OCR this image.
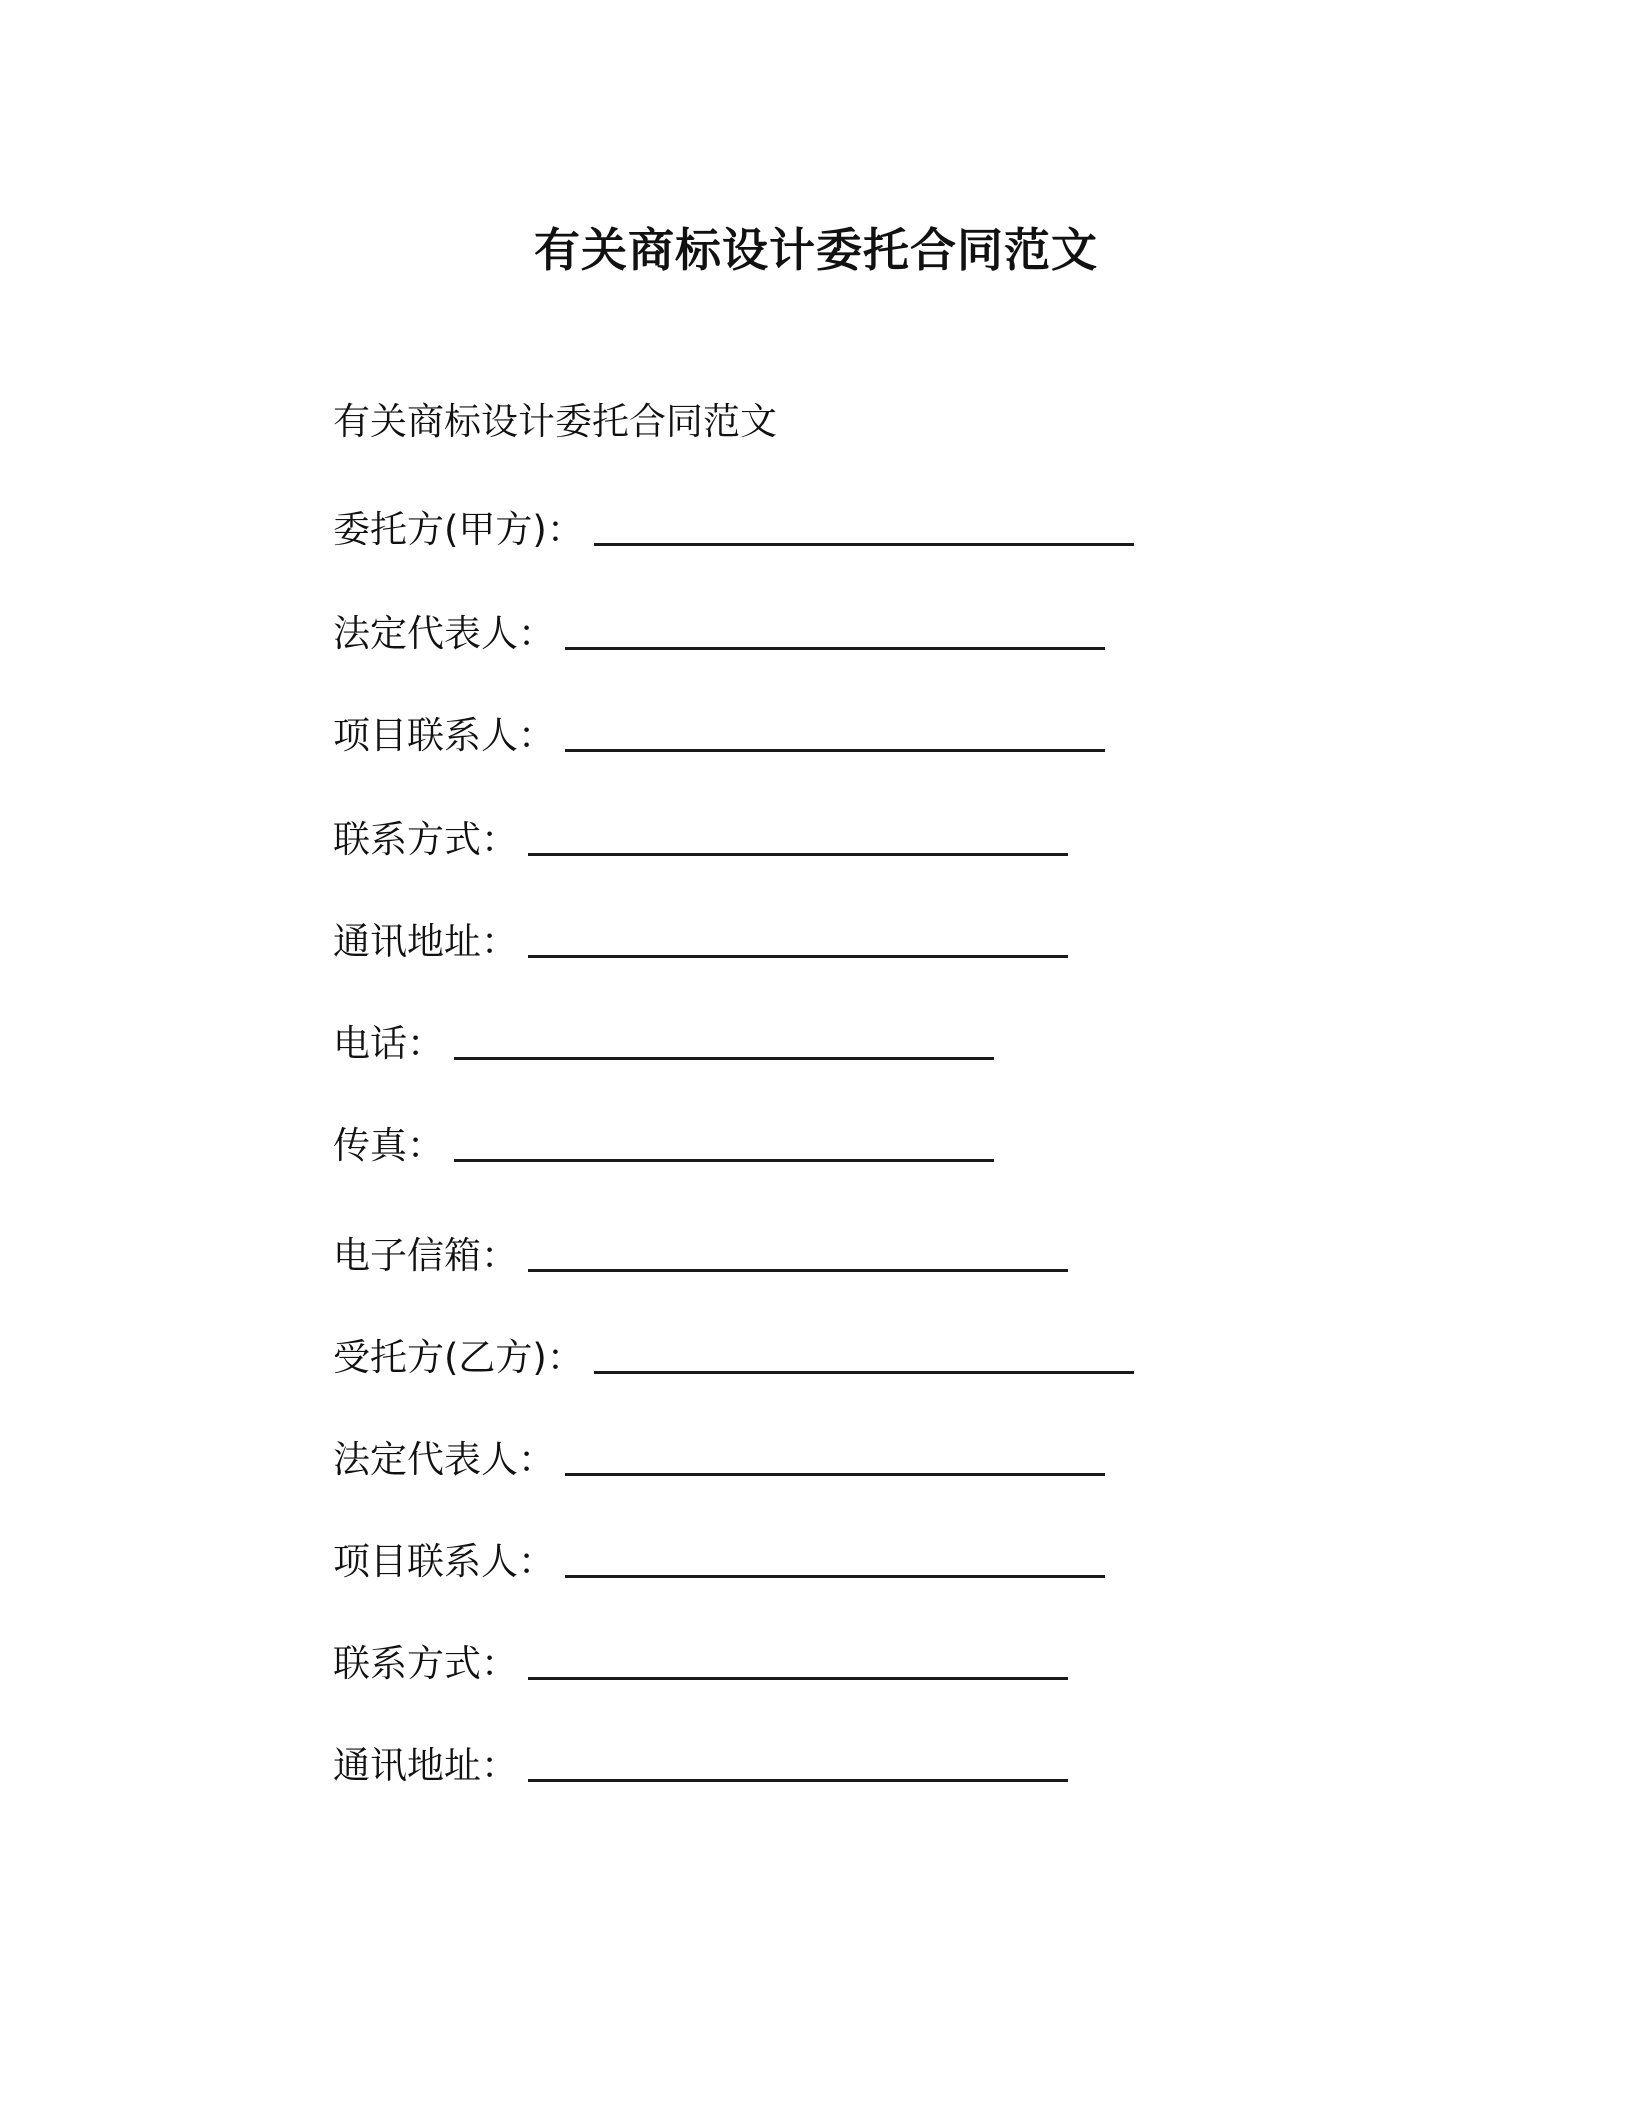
有关商标设计委托合同范文

有关商标设计委托合同范文

委托方(甲方)：
法定代表人：
项目联系人：
联系方式：
通讯地址：
电话：
传真：
电子信箱：
受托方(乙方)：
法定代表人：
项目联系人：
联系方式：
通讯地址：
